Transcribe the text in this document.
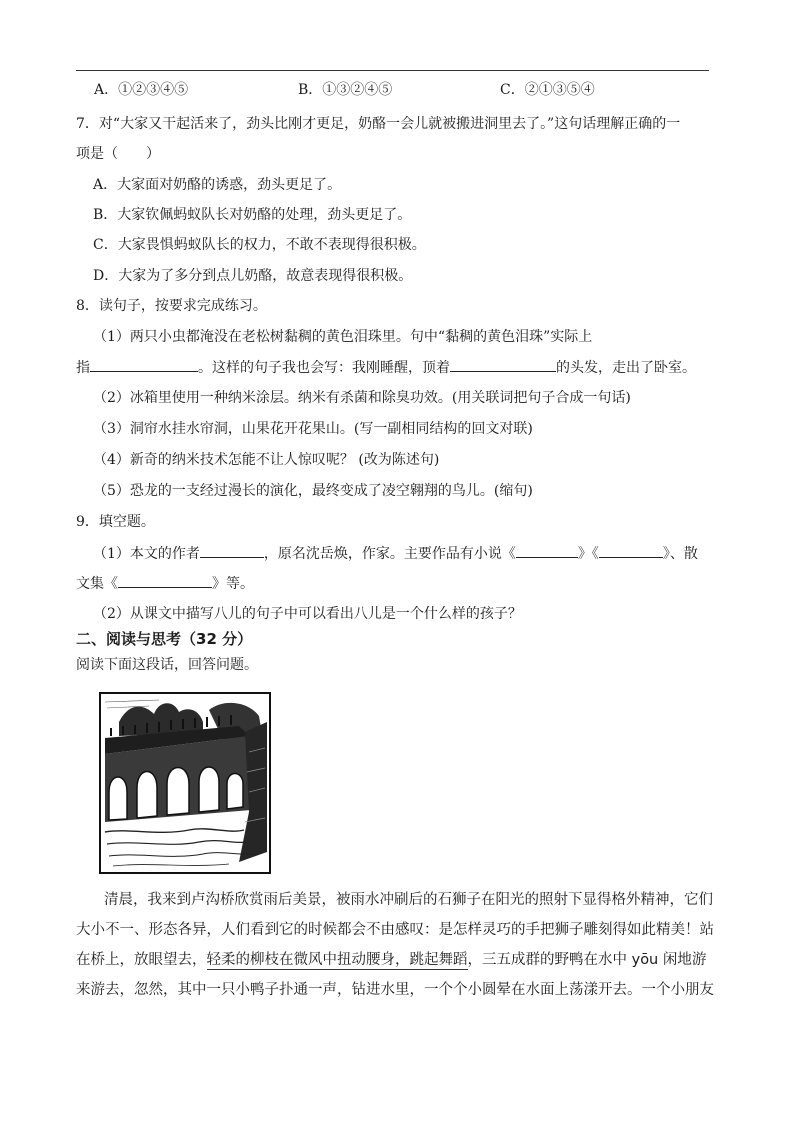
A．①②③④⑤	B．①③②④⑤	C．②①③⑤④
7．对“大家又干起活来了，劲头比刚才更足，奶酪一会儿就被搬进洞里去了。”这句话理解正确的一
项是（　　）
A．大家面对奶酪的诱惑，劲头更足了。
B．大家钦佩蚂蚁队长对奶酪的处理，劲头更足了。
C．大家畏惧蚂蚁队长的权力，不敢不表现得很积极。
D．大家为了多分到点儿奶酪，故意表现得很积极。
8．读句子，按要求完成练习。
（1）两只小虫都淹没在老松树黏稠的黄色泪珠里。句中“黏稠的黄色泪珠”实际上
指	。这样的句子我也会写：我刚睡醒，顶着	的头发，走出了卧室。
（2）冰箱里使用一种纳米涂层。纳米有杀菌和除臭功效。(用关联词把句子合成一句话)
（3）洞帘水挂水帘洞，山果花开花果山。(写一副相同结构的回文对联)
（4）新奇的纳米技术怎能不让人惊叹呢？ (改为陈述句)
（5）恐龙的一支经过漫长的演化，最终变成了凌空翱翔的鸟儿。(缩句)
9．填空题。
（1）本文的作者	，原名沈岳焕，作家。主要作品有小说《	》《	》、散
文集《	》等。
（2）从课文中描写八儿的句子中可以看出八儿是一个什么样的孩子？
二、阅读与思考（32 分）
阅读下面这段话，回答问题。
清晨，我来到卢沟桥欣赏雨后美景，被雨水冲刷后的石狮子在阳光的照射下显得格外精神，它们大小不一、形态各异，人们看到它的时候都会不由感叹：是怎样灵巧的手把狮子雕刻得如此精美！站在桥上，放眼望去，轻柔的柳枝在微风中扭动腰身，跳起舞蹈，三五成群的野鸭在水中 yōu 闲地游来游去，忽然，其中一只小鸭子扑通一声，钻进水里，一个个小圆晕在水面上荡漾开去。一个小朋友
